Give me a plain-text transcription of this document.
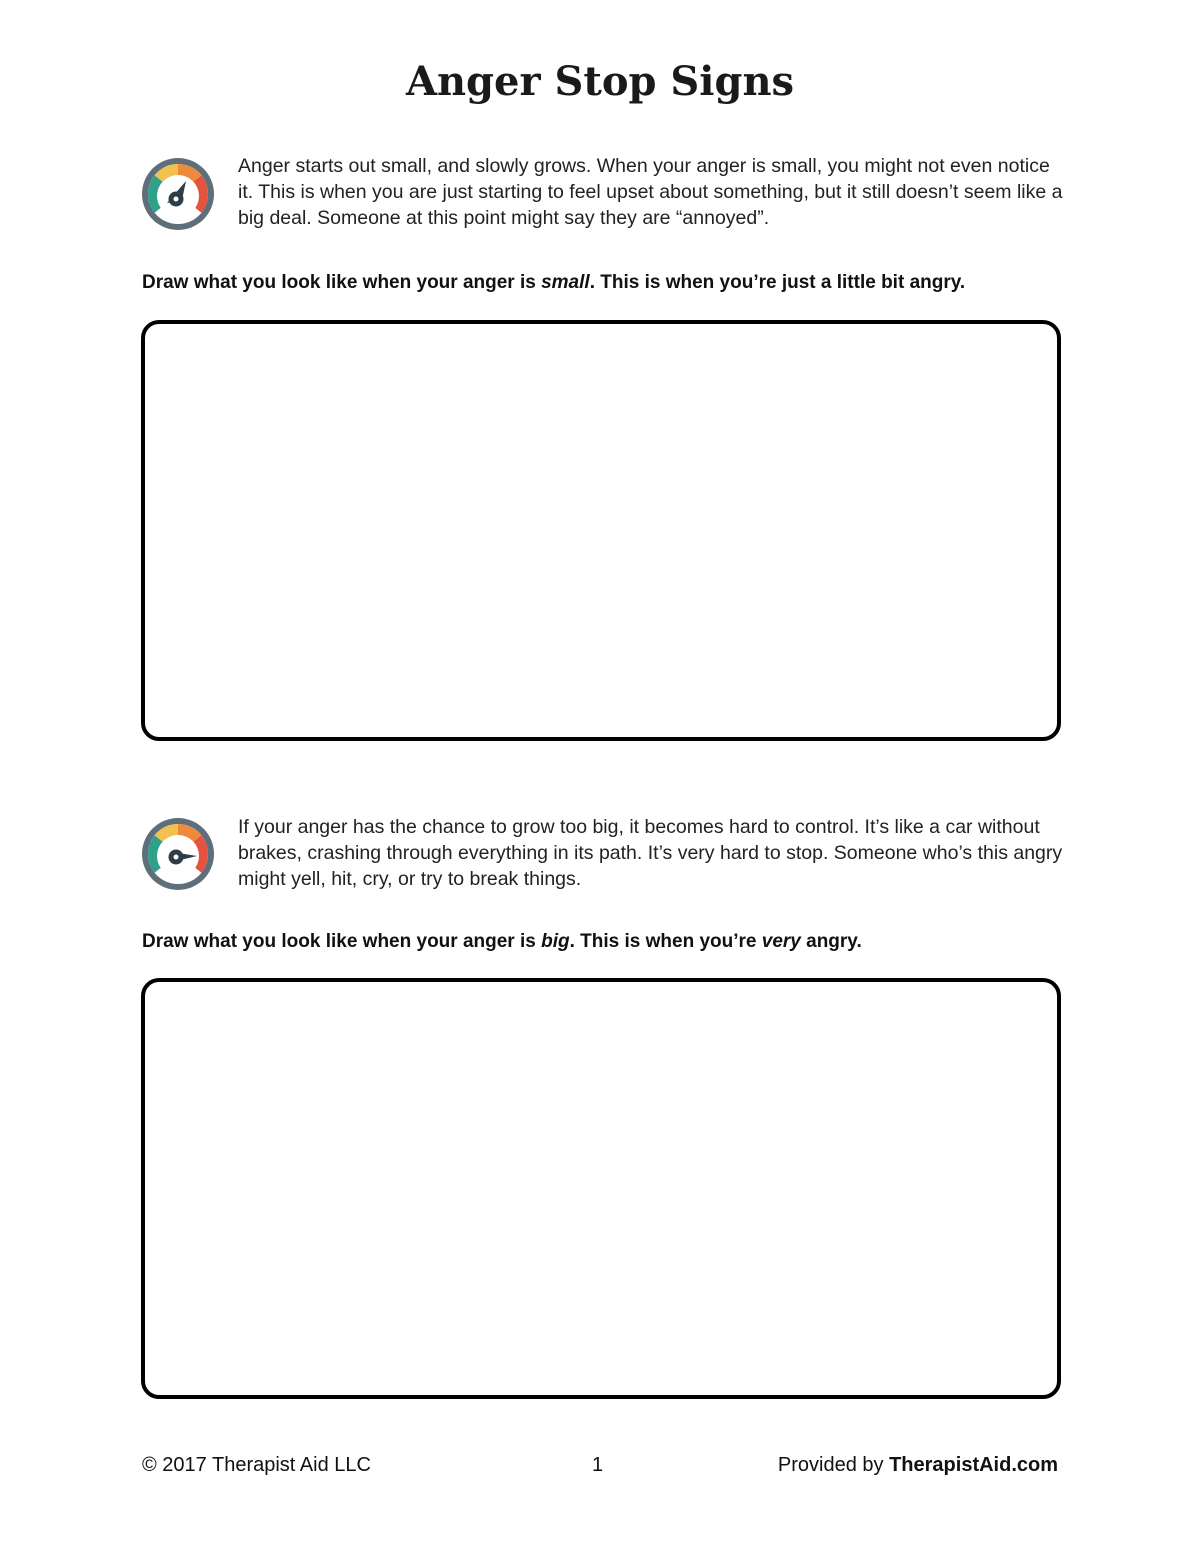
Anger Stop Signs

Anger starts out small, and slowly grows. When your anger is small, you might not even notice it. This is when you are just starting to feel upset about something, but it still doesn’t seem like a big deal. Someone at this point might say they are “annoyed”.

Draw what you look like when your anger is small. This is when you’re just a little bit angry.

If your anger has the chance to grow too big, it becomes hard to control. It’s like a car without brakes, crashing through everything in its path. It’s very hard to stop. Someone who’s this angry might yell, hit, cry, or try to break things.

Draw what you look like when your anger is big. This is when you’re very angry.

© 2017 Therapist Aid LLC	1	Provided by TherapistAid.com
